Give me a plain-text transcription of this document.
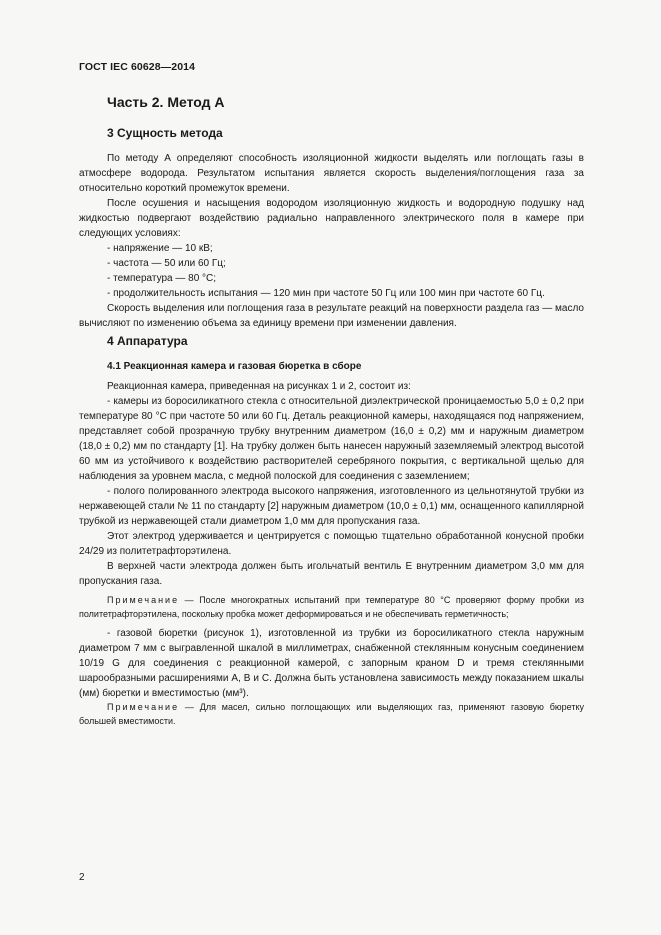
ГОСТ IEC 60628—2014
Часть 2. Метод А
3 Сущность метода

По методу А определяют способность изоляционной жидкости выделять или поглощать газы в атмосфере водорода. Результатом испытания является скорость выделения/поглощения газа за относительно короткий промежуток времени.

После осушения и насыщения водородом изоляционную жидкость и водородную подушку над жидкостью подвергают воздействию радиально направленного электрического поля в камере при следующих условиях:

- напряжение — 10 кВ;

- частота — 50 или 60 Гц;

- температура — 80 °С;

- продолжительность испытания — 120 мин при частоте 50 Гц или 100 мин при частоте 60 Гц.

Скорость выделения или поглощения газа в результате реакций на поверхности раздела газ — масло вычисляют по изменению объема за единицу времени при изменении давления.

4 Аппаратура
4.1 Реакционная камера и газовая бюретка в сборе

Реакционная камера, приведенная на рисунках 1 и 2, состоит из:

- камеры из боросиликатного стекла с относительной диэлектрической проницаемостью 5,0 ± 0,2 при температуре 80 °С при частоте 50 или 60 Гц. Деталь реакционной камеры, находящаяся под напряжением, представляет собой прозрачную трубку внутренним диаметром (16,0 ± 0,2) мм и наружным диаметром (18,0 ± 0,2) мм по стандарту [1]. На трубку должен быть нанесен наружный заземляемый электрод высотой 60 мм из устойчивого к воздействию растворителей серебряного покрытия, с вертикальной щелью для наблюдения за уровнем масла, с медной полоской для соединения с заземлением;

- полого полированного электрода высокого напряжения, изготовленного из цельнотянутой трубки из нержавеющей стали № 11 по стандарту [2] наружным диаметром (10,0 ± 0,1) мм, оснащенного капиллярной трубкой из нержавеющей стали диаметром 1,0 мм для пропускания газа.

Этот электрод удерживается и центрируется с помощью тщательно обработанной конусной пробки 24/29 из политетрафторэтилена.

В верхней части электрода должен быть игольчатый вентиль Е внутренним диаметром 3,0 мм для пропускания газа.

Примечание — После многократных испытаний при температуре 80 °С проверяют форму пробки из политетрафторэтилена, поскольку пробка может деформироваться и не обеспечивать герметичность;

- газовой бюретки (рисунок 1), изготовленной из трубки из боросиликатного стекла наружным диаметром 7 мм с выгравленной шкалой в миллиметрах, снабженной стеклянным конусным соединением 10/19 G для соединения с реакционной камерой, с запорным краном D и тремя стеклянными шарообразными расширениями А, В и С. Должна быть установлена зависимость между показанием шкалы (мм) бюретки и вместимостью (мм³).

Примечание — Для масел, сильно поглощающих или выделяющих газ, применяют газовую бюретку большей вместимости.

2
